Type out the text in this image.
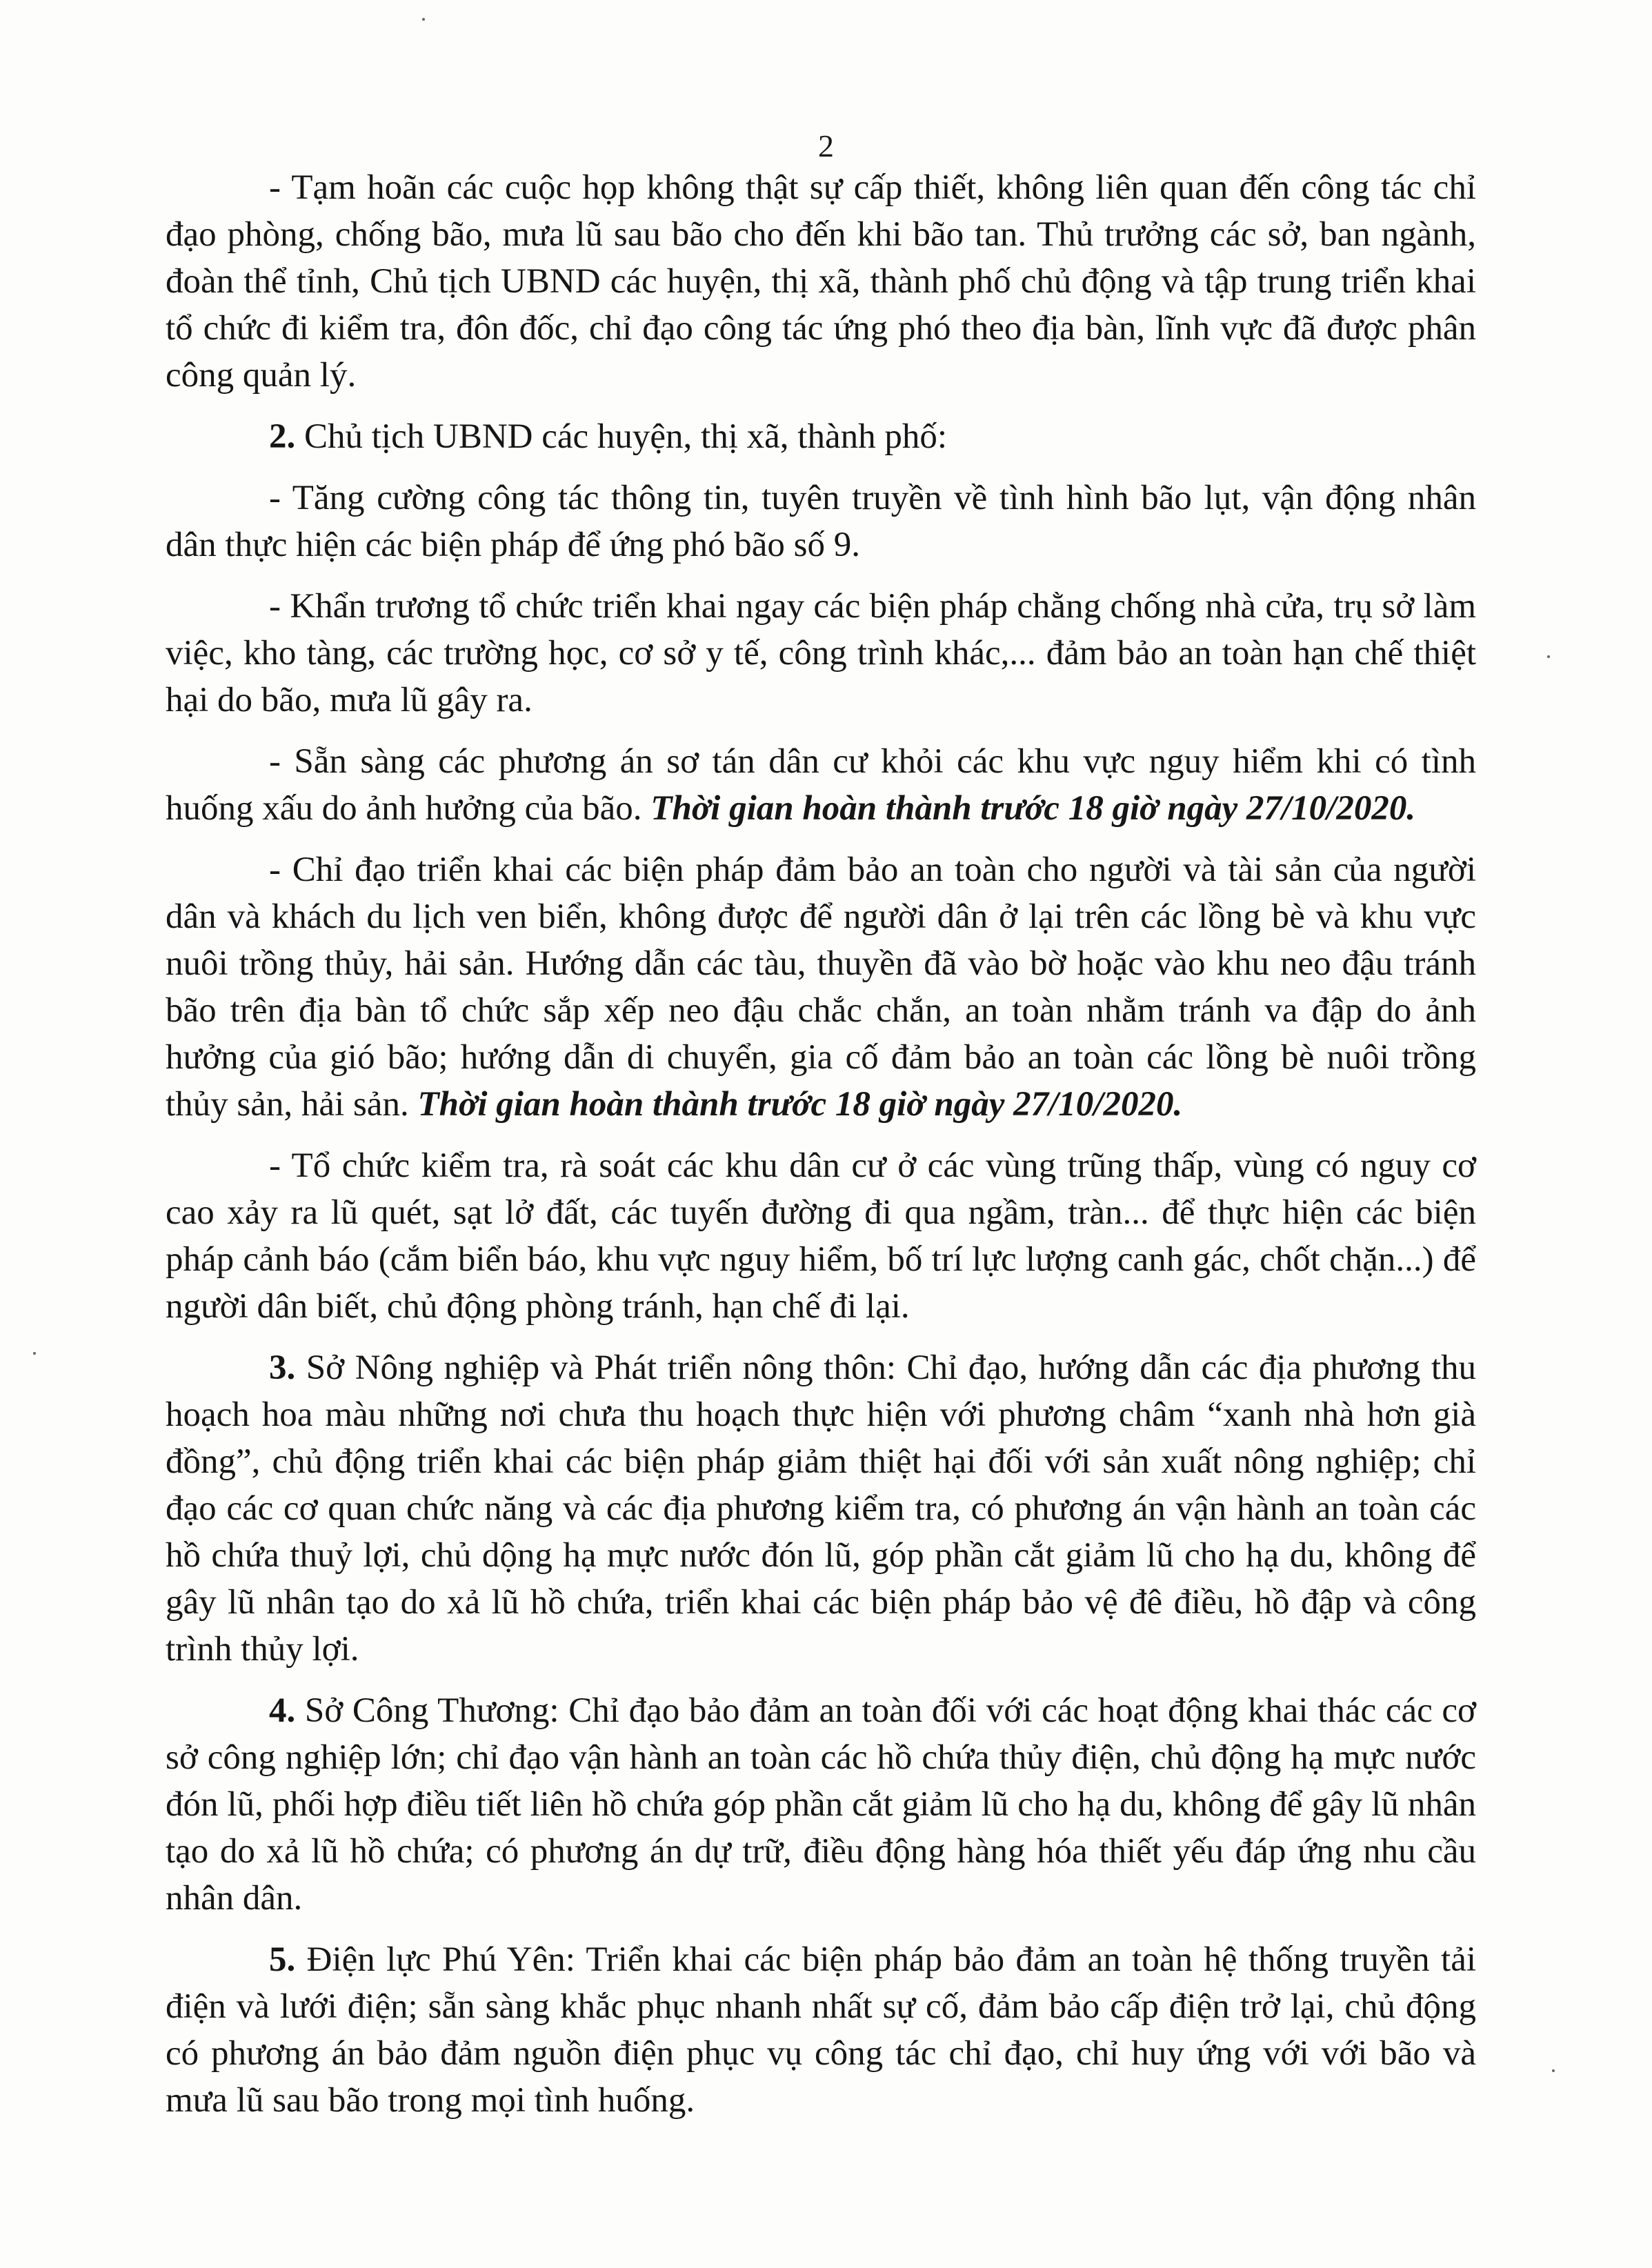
2

- Tạm hoãn các cuộc họp không thật sự cấp thiết, không liên quan đến công tác chỉ đạo phòng, chống bão, mưa lũ sau bão cho đến khi bão tan. Thủ trưởng các sở, ban ngành, đoàn thể tỉnh, Chủ tịch UBND các huyện, thị xã, thành phố chủ động và tập trung triển khai tổ chức đi kiểm tra, đôn đốc, chỉ đạo công tác ứng phó theo địa bàn, lĩnh vực đã được phân công quản lý.

2. Chủ tịch UBND các huyện, thị xã, thành phố:

- Tăng cường công tác thông tin, tuyên truyền về tình hình bão lụt, vận động nhân dân thực hiện các biện pháp để ứng phó bão số 9.

- Khẩn trương tổ chức triển khai ngay các biện pháp chằng chống nhà cửa, trụ sở làm việc, kho tàng, các trường học, cơ sở y tế, công trình khác,... đảm bảo an toàn hạn chế thiệt hại do bão, mưa lũ gây ra.

- Sẵn sàng các phương án sơ tán dân cư khỏi các khu vực nguy hiểm khi có tình huống xấu do ảnh hưởng của bão. Thời gian hoàn thành trước 18 giờ ngày 27/10/2020.

- Chỉ đạo triển khai các biện pháp đảm bảo an toàn cho người và tài sản của người dân và khách du lịch ven biển, không được để người dân ở lại trên các lồng bè và khu vực nuôi trồng thủy, hải sản. Hướng dẫn các tàu, thuyền đã vào bờ hoặc vào khu neo đậu tránh bão trên địa bàn tổ chức sắp xếp neo đậu chắc chắn, an toàn nhằm tránh va đập do ảnh hưởng của gió bão; hướng dẫn di chuyển, gia cố đảm bảo an toàn các lồng bè nuôi trồng thủy sản, hải sản. Thời gian hoàn thành trước 18 giờ ngày 27/10/2020.

- Tổ chức kiểm tra, rà soát các khu dân cư ở các vùng trũng thấp, vùng có nguy cơ cao xảy ra lũ quét, sạt lở đất, các tuyến đường đi qua ngầm, tràn... để thực hiện các biện pháp cảnh báo (cắm biển báo, khu vực nguy hiểm, bố trí lực lượng canh gác, chốt chặn...) để người dân biết, chủ động phòng tránh, hạn chế đi lại.

3. Sở Nông nghiệp và Phát triển nông thôn: Chỉ đạo, hướng dẫn các địa phương thu hoạch hoa màu những nơi chưa thu hoạch thực hiện với phương châm “xanh nhà hơn già đồng”, chủ động triển khai các biện pháp giảm thiệt hại đối với sản xuất nông nghiệp; chỉ đạo các cơ quan chức năng và các địa phương kiểm tra, có phương án vận hành an toàn các hồ chứa thuỷ lợi, chủ dộng hạ mực nước đón lũ, góp phần cắt giảm lũ cho hạ du, không để gây lũ nhân tạo do xả lũ hồ chứa, triển khai các biện pháp bảo vệ đê điều, hồ đập và công trình thủy lợi.

4. Sở Công Thương: Chỉ đạo bảo đảm an toàn đối với các hoạt động khai thác các cơ sở công nghiệp lớn; chỉ đạo vận hành an toàn các hồ chứa thủy điện, chủ động hạ mực nước đón lũ, phối hợp điều tiết liên hồ chứa góp phần cắt giảm lũ cho hạ du, không để gây lũ nhân tạo do xả lũ hồ chứa; có phương án dự trữ, điều động hàng hóa thiết yếu đáp ứng nhu cầu nhân dân.

5. Điện lực Phú Yên: Triển khai các biện pháp bảo đảm an toàn hệ thống truyền tải điện và lưới điện; sẵn sàng khắc phục nhanh nhất sự cố, đảm bảo cấp điện trở lại, chủ động có phương án bảo đảm nguồn điện phục vụ công tác chỉ đạo, chỉ huy ứng với với bão và mưa lũ sau bão trong mọi tình huống.
